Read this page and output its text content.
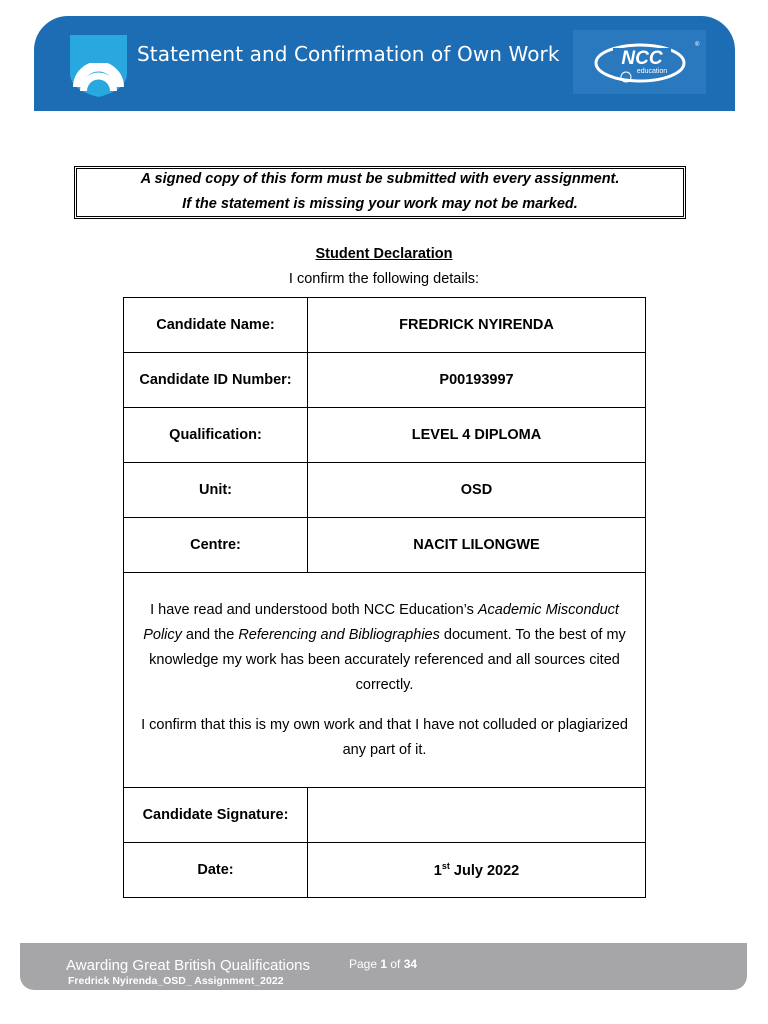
Statement and Confirmation of Own Work	NCC
education
®
A signed copy of this form must be submitted with every assignment.
If the statement is missing your work may not be marked.
Student Declaration
I confirm the following details:
Candidate Name:	FREDRICK NYIRENDA
Candidate ID Number:	P00193997
Qualification:	LEVEL 4 DIPLOMA
Unit:	OSD
Centre:	NACIT LILONGWE

I have read and understood both NCC Education’s Academic Misconduct Policy and the Referencing and Bibliographies document. To the best of my knowledge my work has been accurately referenced and all sources cited correctly.

I confirm that this is my own work and that I have not colluded or plagiarized any part of it.	

Candidate Signature:	
Date:	1st July 2022
Awarding Great British Qualifications	Page 1 of 34
Fredrick Nyirenda_OSD_ Assignment_2022
